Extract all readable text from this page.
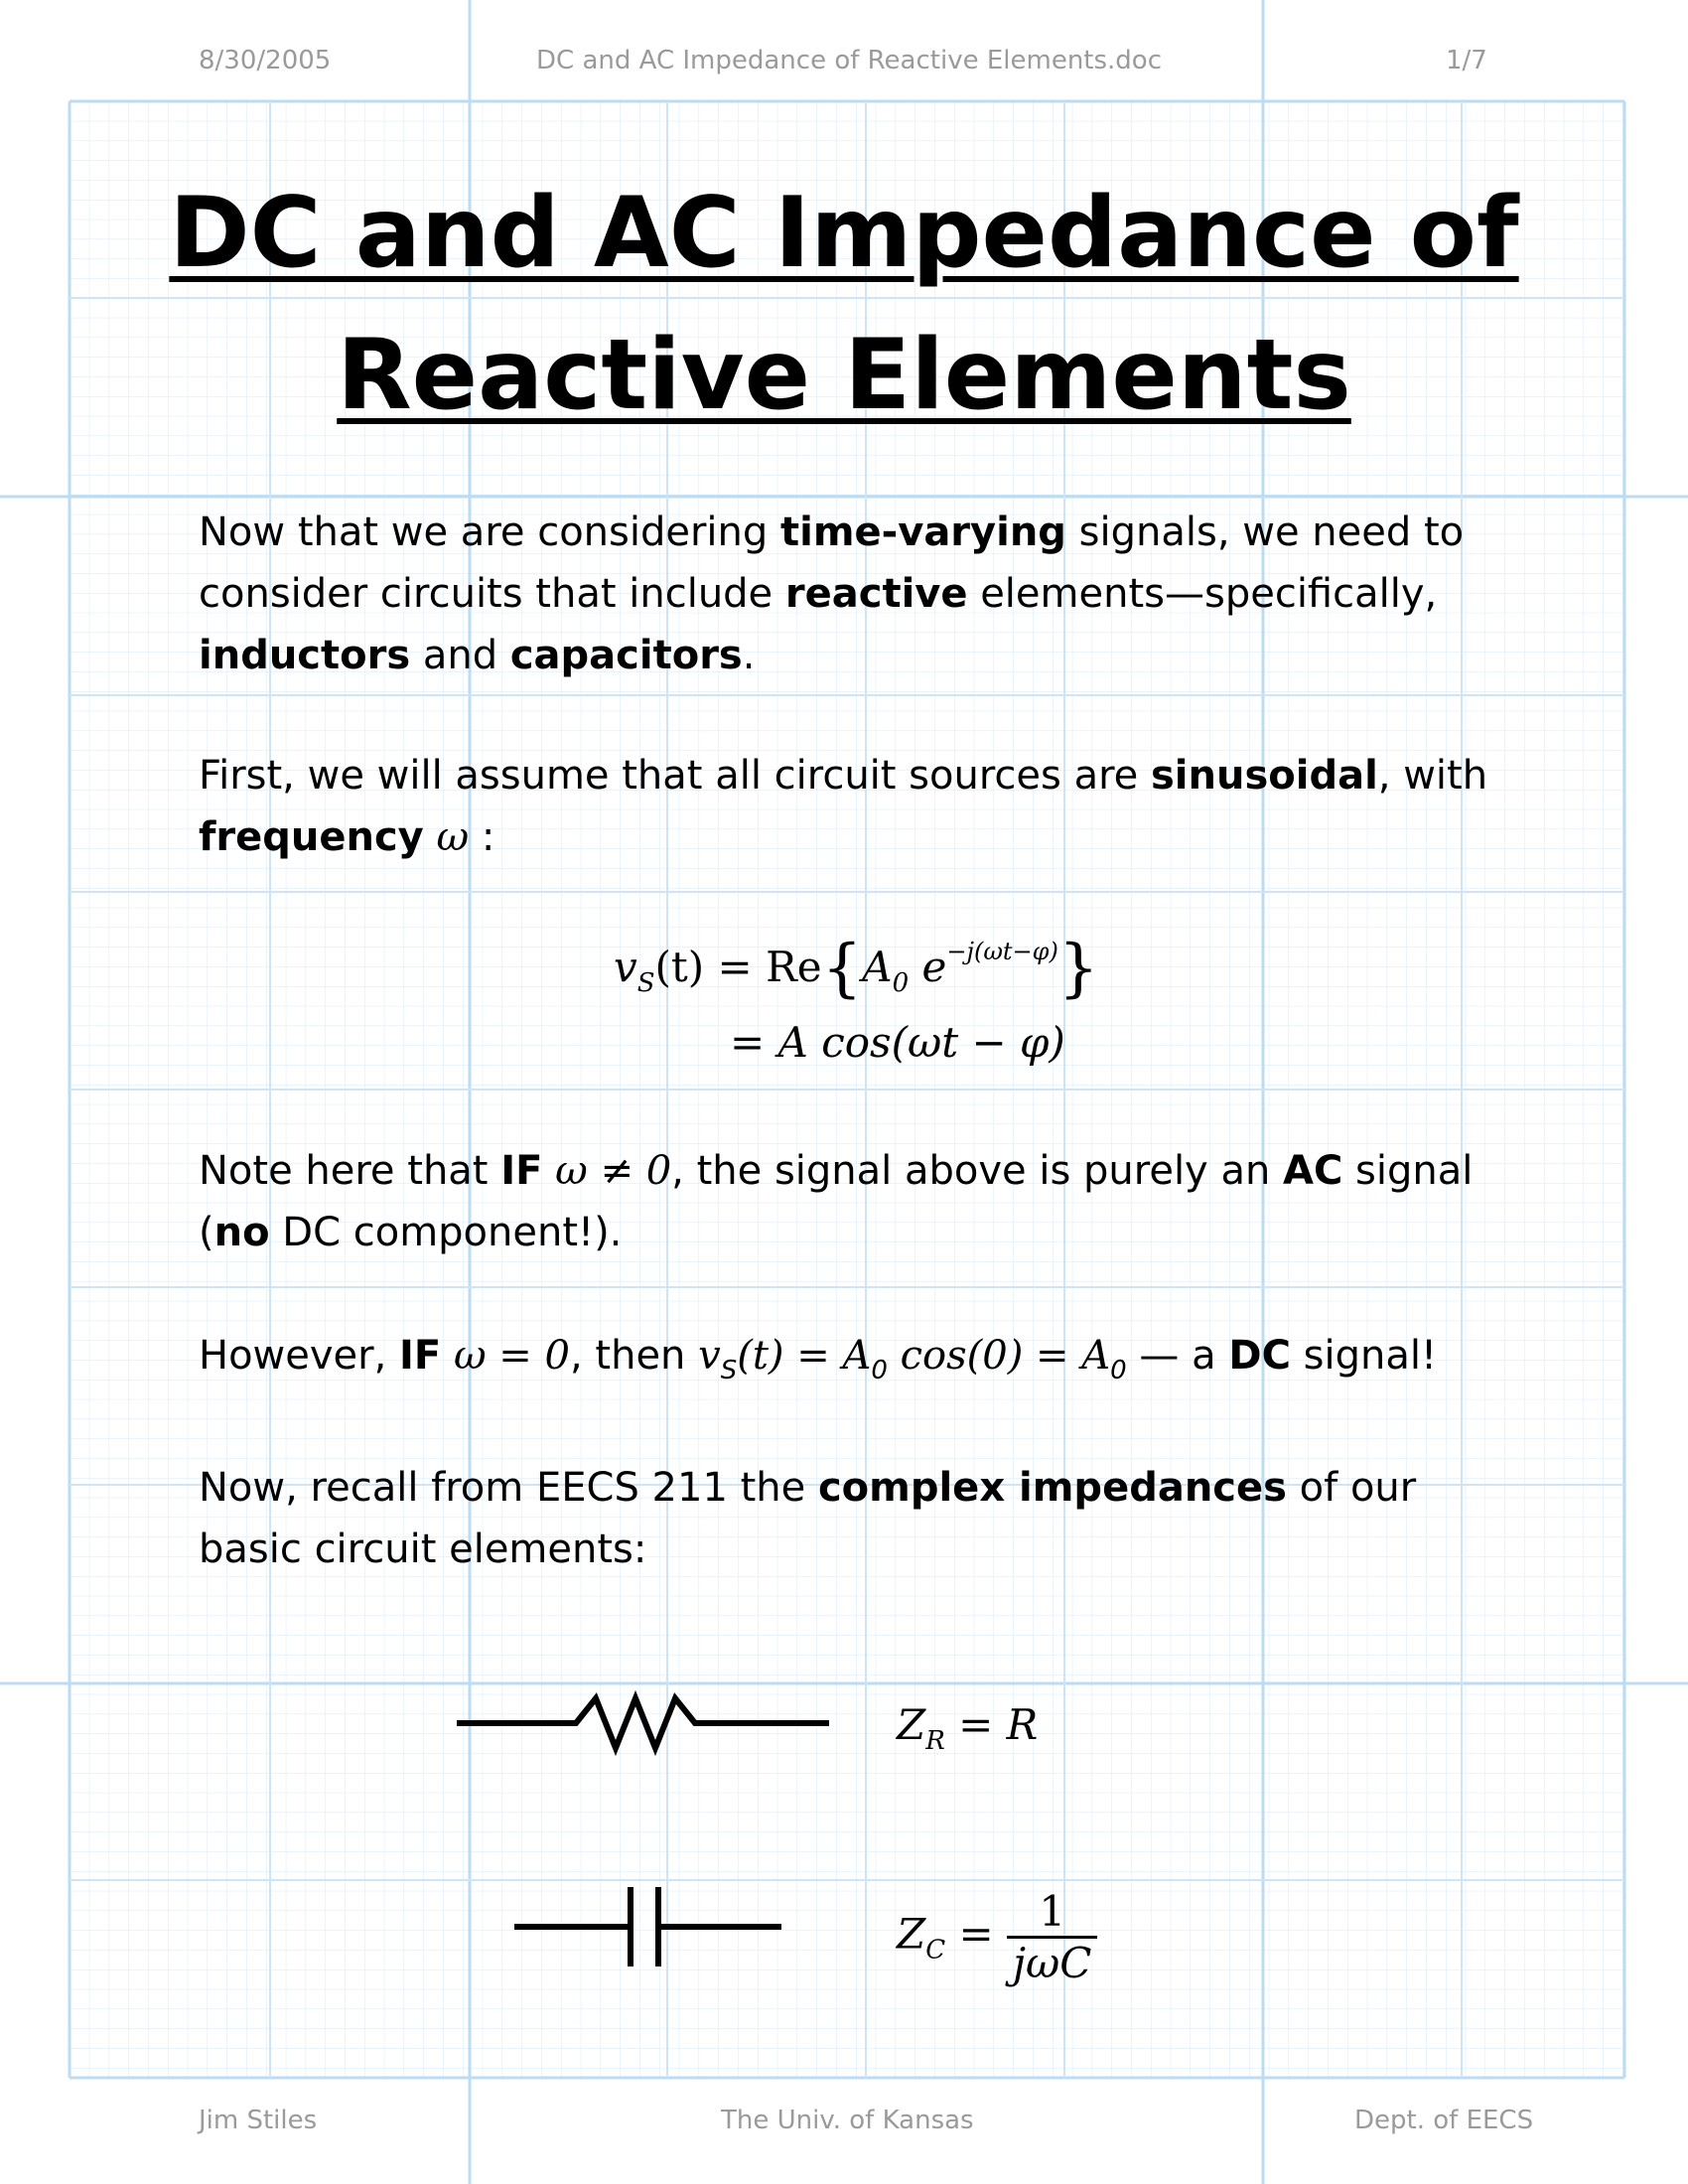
8/30/2005	DC and AC Impedance of Reactive Elements.doc	1/7
DC and AC Impedance of
Reactive Elements
Now that we are considering time-varying signals, we need to consider circuits that include reactive elements—specifically, inductors and capacitors.
First, we will assume that all circuit sources are sinusoidal, with frequency ω :
$v_S(t) = Re\{A_0$ $e^{-j(\omega t-\varphi)}$}
= A cos(ωt − φ)
Note here that IF ω ≠ 0, the signal above is purely an AC signal (no DC component!).
However, IF ω = 0, then $v_S(t) = A_0$ $\cos(0) = A_0$ — a DC signal!
Now, recall from EECS 211 the complex impedances of our basic circuit elements:
$Z_R = R$
$Z_C = \frac{1}{\text{jωC}}$
Jim Stiles	The Univ. of Kansas	Dept. of EECS
